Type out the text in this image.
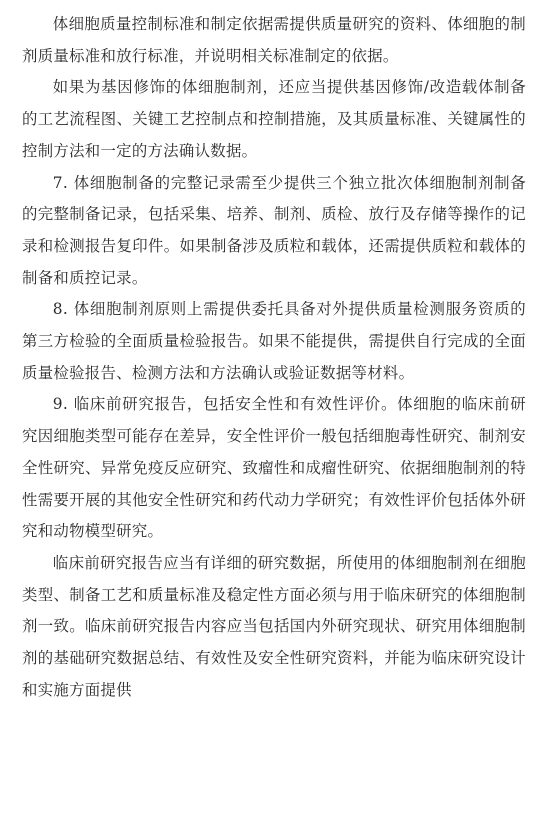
体细胞质量控制标准和制定依据需提供质量研究的资料、体细胞的制剂质量标准和放行标准，并说明相关标准制定的依据。

如果为基因修饰的体细胞制剂，还应当提供基因修饰/改造载体制备的工艺流程图、关键工艺控制点和控制措施，及其质量标准、关键属性的控制方法和一定的方法确认数据。

7. 体细胞制备的完整记录需至少提供三个独立批次体细胞制剂制备的完整制备记录，包括采集、培养、制剂、质检、放行及存储等操作的记录和检测报告复印件。如果制备涉及质粒和载体，还需提供质粒和载体的制备和质控记录。

8. 体细胞制剂原则上需提供委托具备对外提供质量检测服务资质的第三方检验的全面质量检验报告。如果不能提供，需提供自行完成的全面质量检验报告、检测方法和方法确认或验证数据等材料。

9. 临床前研究报告，包括安全性和有效性评价。体细胞的临床前研究因细胞类型可能存在差异，安全性评价一般包括细胞毒性研究、制剂安全性研究、异常免疫反应研究、致瘤性和成瘤性研究、依据细胞制剂的特性需要开展的其他安全性研究和药代动力学研究；有效性评价包括体外研究和动物模型研究。

临床前研究报告应当有详细的研究数据，所使用的体细胞制剂在细胞类型、制备工艺和质量标准及稳定性方面必须与用于临床研究的体细胞制剂一致。临床前研究报告内容应当包括国内外研究现状、研究用体细胞制剂的基础研究数据总结、有效性及安全性研究资料，并能为临床研究设计和实施方面提供
